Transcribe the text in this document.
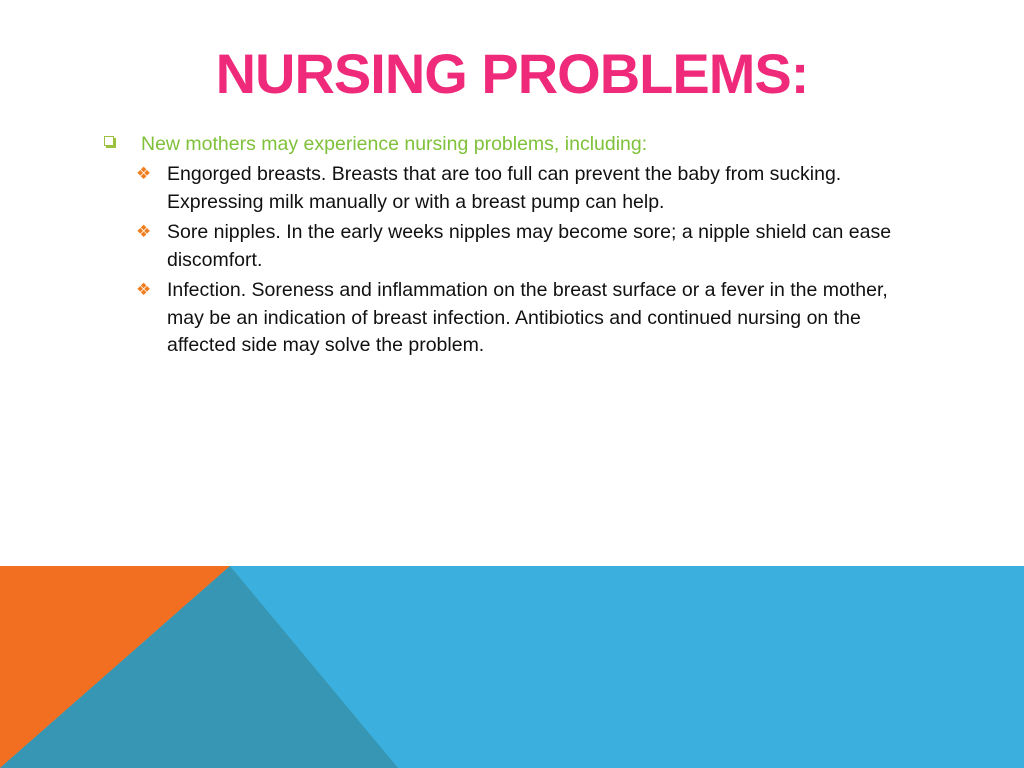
NURSING PROBLEMS:
New mothers may experience nursing problems, including:
❖ Engorged breasts. Breasts that are too full can prevent the baby from sucking. Expressing milk manually or with a breast pump can help.
❖ Sore nipples. In the early weeks nipples may become sore; a nipple shield can ease discomfort.
❖ Infection. Soreness and inflammation on the breast surface or a fever in the mother, may be an indication of breast infection. Antibiotics and continued nursing on the affected side may solve the problem.
